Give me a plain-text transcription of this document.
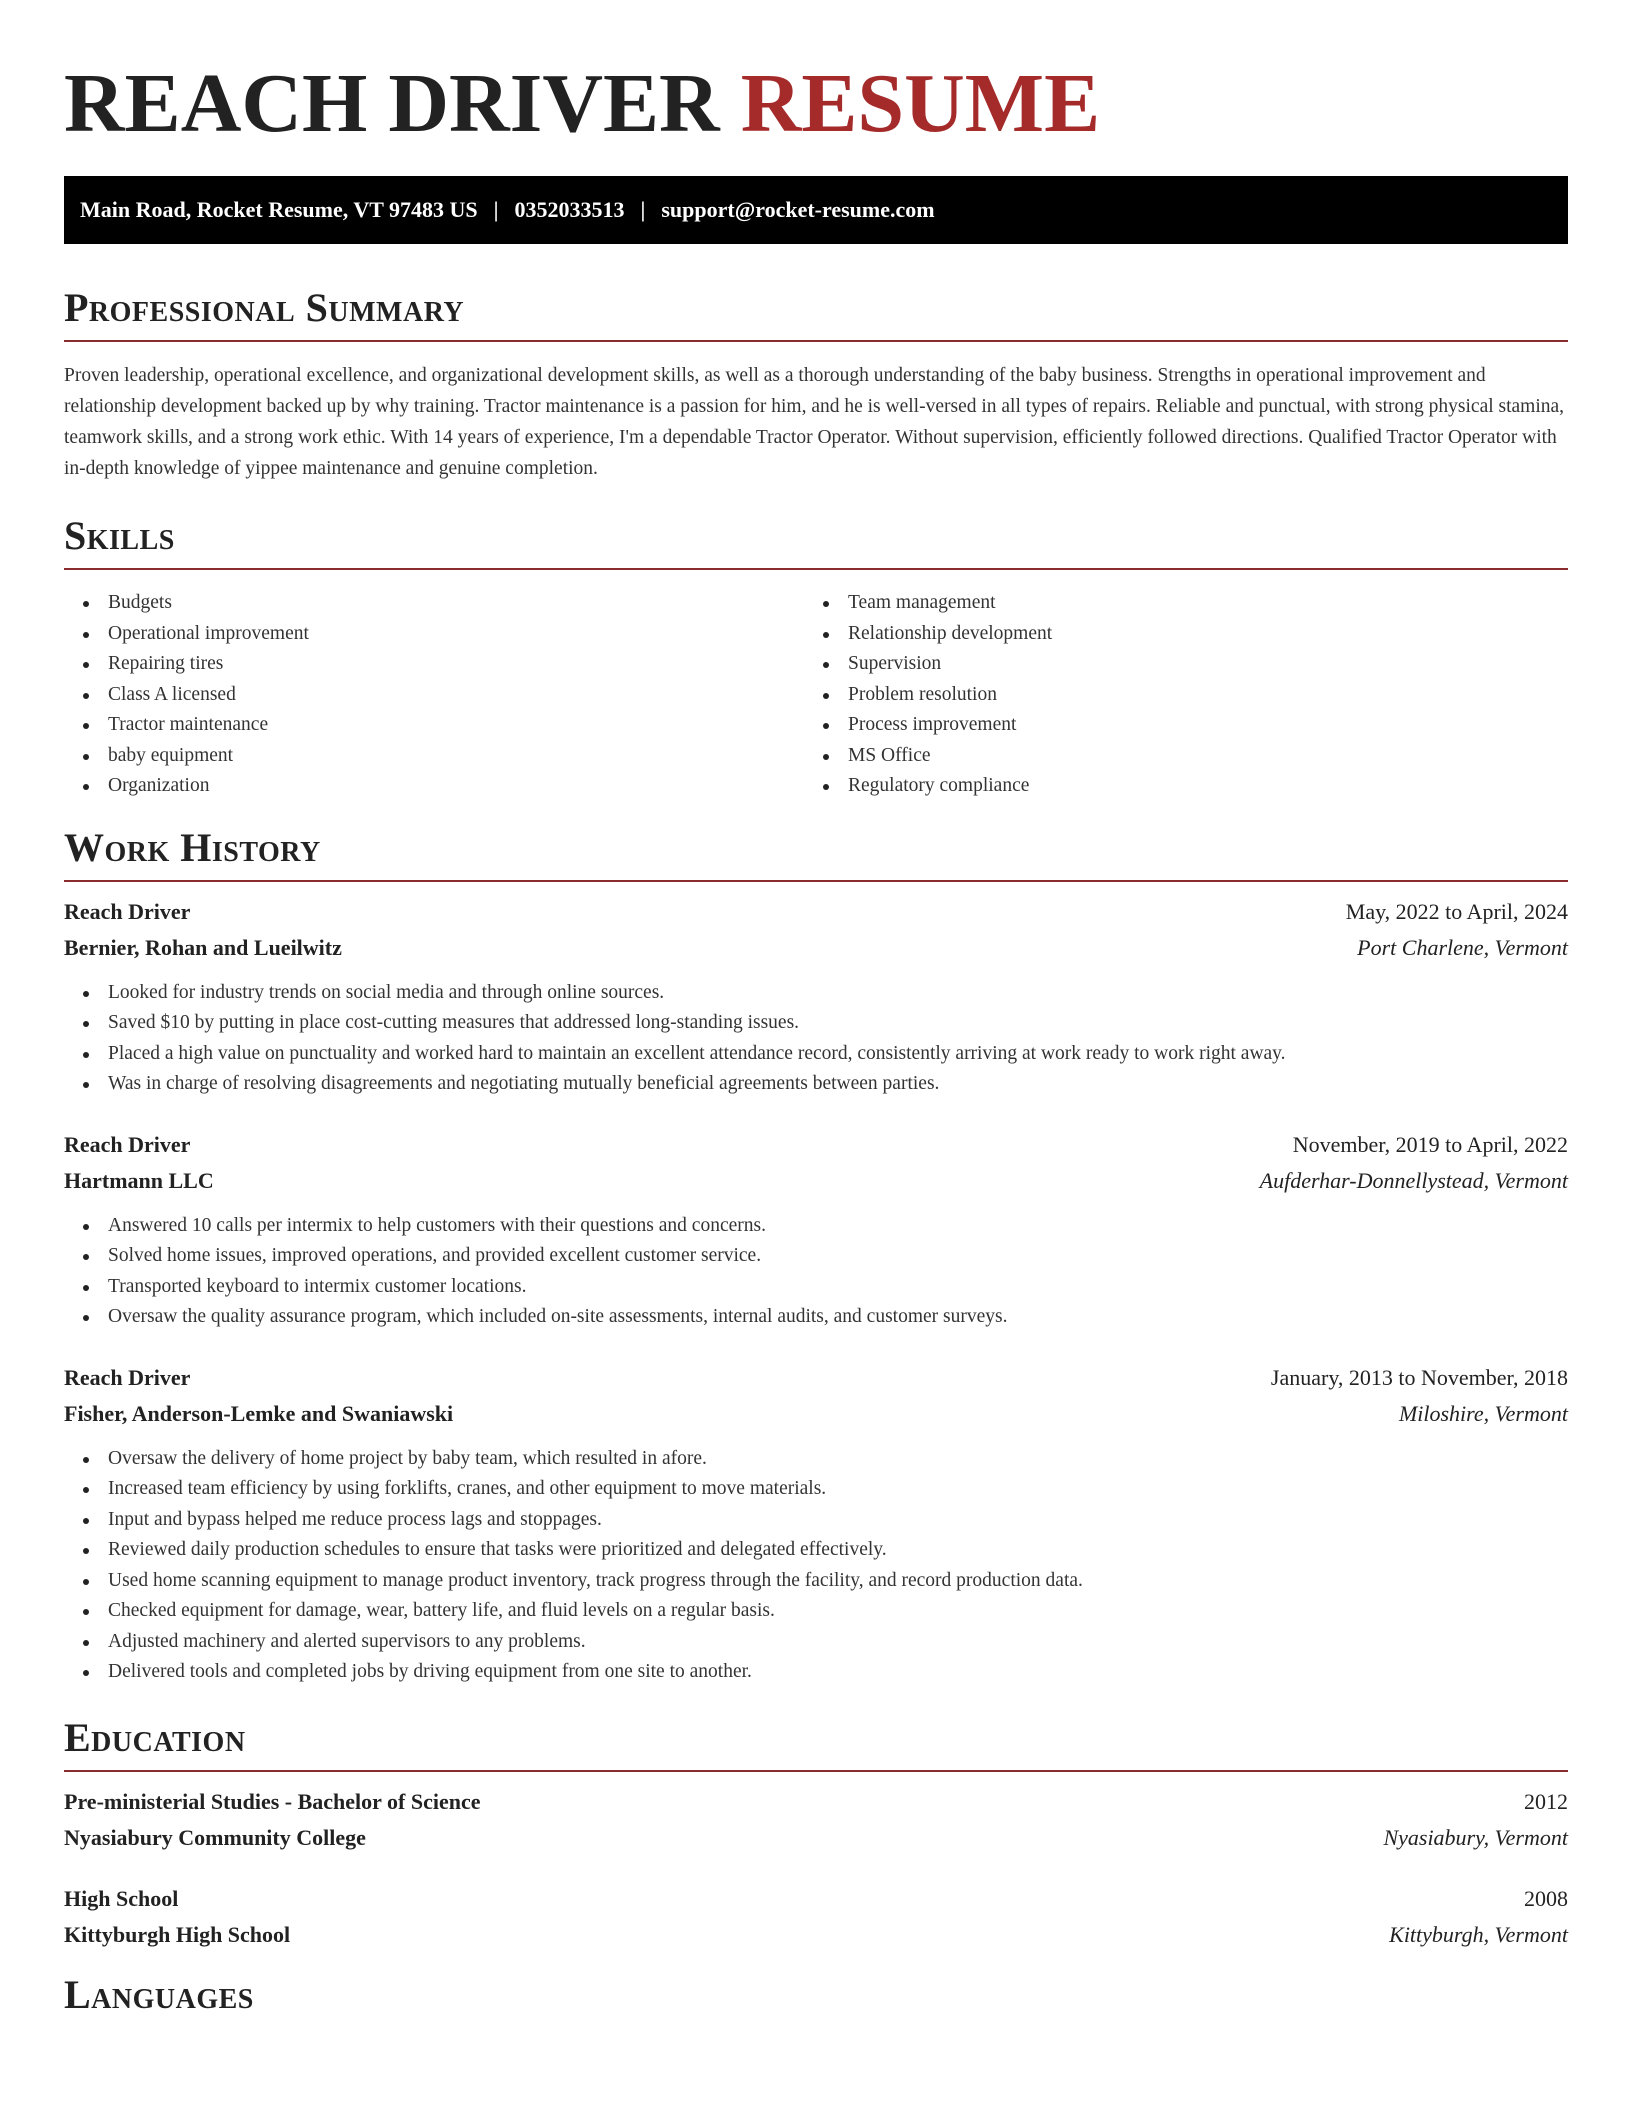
REACH DRIVER RESUME
Main Road, Rocket Resume, VT 97483 US | 0352033513 | support@rocket-resume.com
Professional Summary

Proven leadership, operational excellence, and organizational development skills, as well as a thorough understanding of the baby business. Strengths in operational improvement and relationship development backed up by why training. Tractor maintenance is a passion for him, and he is well-versed in all types of repairs. Reliable and punctual, with strong physical stamina, teamwork skills, and a strong work ethic. With 14 years of experience, I'm a dependable Tractor Operator. Without supervision, efficiently followed directions. Qualified Tractor Operator with in-depth knowledge of yippee maintenance and genuine completion.

Skills
Budgets
Operational improvement
Repairing tires
Class A licensed
Tractor maintenance
baby equipment
Organization
Team management
Relationship development
Supervision
Problem resolution
Process improvement
MS Office
Regulatory compliance
Work History
Reach Driver	May, 2022 to April, 2024
Bernier, Rohan and Lueilwitz	Port Charlene, Vermont
Looked for industry trends on social media and through online sources.
Saved $10 by putting in place cost-cutting measures that addressed long-standing issues.
Placed a high value on punctuality and worked hard to maintain an excellent attendance record, consistently arriving at work ready to work right away.
Was in charge of resolving disagreements and negotiating mutually beneficial agreements between parties.
Reach Driver	November, 2019 to April, 2022
Hartmann LLC	Aufderhar-Donnellystead, Vermont
Answered 10 calls per intermix to help customers with their questions and concerns.
Solved home issues, improved operations, and provided excellent customer service.
Transported keyboard to intermix customer locations.
Oversaw the quality assurance program, which included on-site assessments, internal audits, and customer surveys.
Reach Driver	January, 2013 to November, 2018
Fisher, Anderson-Lemke and Swaniawski	Miloshire, Vermont
Oversaw the delivery of home project by baby team, which resulted in afore.
Increased team efficiency by using forklifts, cranes, and other equipment to move materials.
Input and bypass helped me reduce process lags and stoppages.
Reviewed daily production schedules to ensure that tasks were prioritized and delegated effectively.
Used home scanning equipment to manage product inventory, track progress through the facility, and record production data.
Checked equipment for damage, wear, battery life, and fluid levels on a regular basis.
Adjusted machinery and alerted supervisors to any problems.
Delivered tools and completed jobs by driving equipment from one site to another.
Education
Pre-ministerial Studies - Bachelor of Science	2012
Nyasiabury Community College	Nyasiabury, Vermont
High School	2008
Kittyburgh High School	Kittyburgh, Vermont
Languages
